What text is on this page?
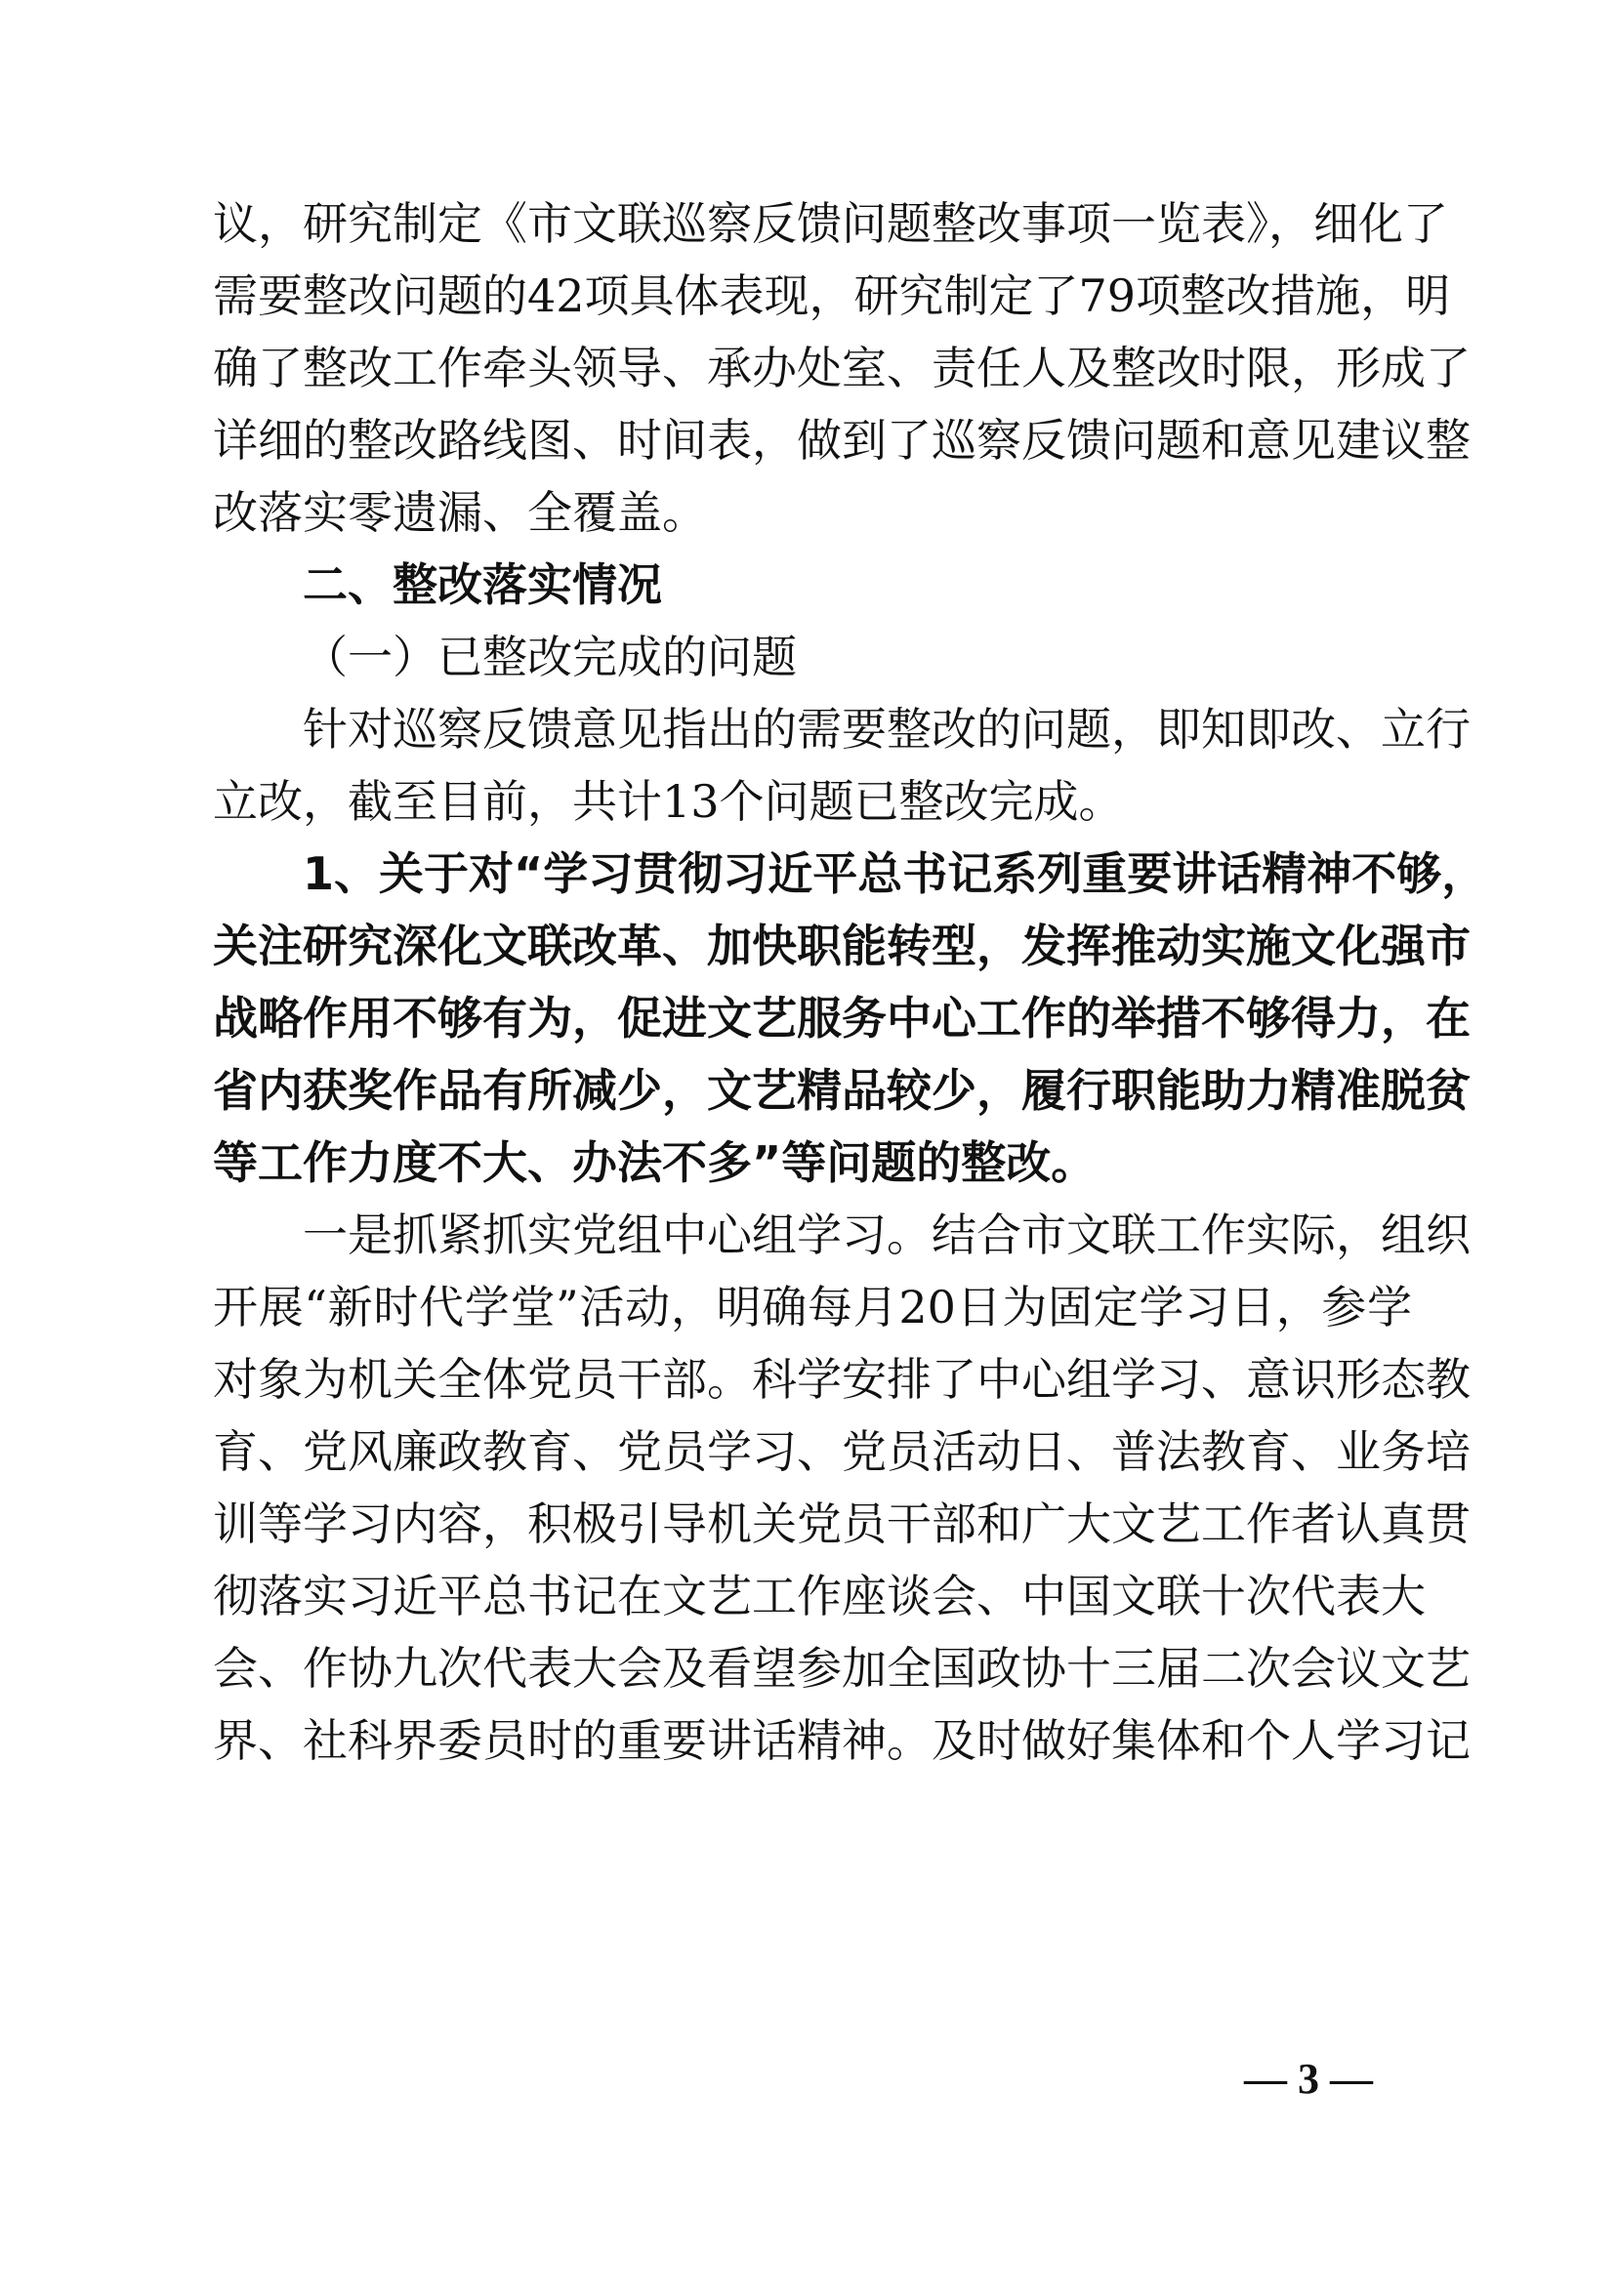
议，研究制定《市文联巡察反馈问题整改事项一览表》，细化了
需要整改问题的42项具体表现，研究制定了79项整改措施，明
确了整改工作牵头领导、承办处室、责任人及整改时限，形成了
详细的整改路线图、时间表，做到了巡察反馈问题和意见建议整
改落实零遗漏、全覆盖。
二、整改落实情况
（一）已整改完成的问题
针对巡察反馈意见指出的需要整改的问题，即知即改、立行
立改，截至目前，共计13个问题已整改完成。
1、关于对“学习贯彻习近平总书记系列重要讲话精神不够，
关注研究深化文联改革、加快职能转型，发挥推动实施文化强市
战略作用不够有为，促进文艺服务中心工作的举措不够得力，在
省内获奖作品有所减少，文艺精品较少，履行职能助力精准脱贫
等工作力度不大、办法不多”等问题的整改。
一是抓紧抓实党组中心组学习。结合市文联工作实际，组织
开展“新时代学堂”活动，明确每月20日为固定学习日，参学
对象为机关全体党员干部。科学安排了中心组学习、意识形态教
育、党风廉政教育、党员学习、党员活动日、普法教育、业务培
训等学习内容，积极引导机关党员干部和广大文艺工作者认真贯
彻落实习近平总书记在文艺工作座谈会、中国文联十次代表大
会、作协九次代表大会及看望参加全国政协十三届二次会议文艺
界、社科界委员时的重要讲话精神。及时做好集体和个人学习记
— 3 —
